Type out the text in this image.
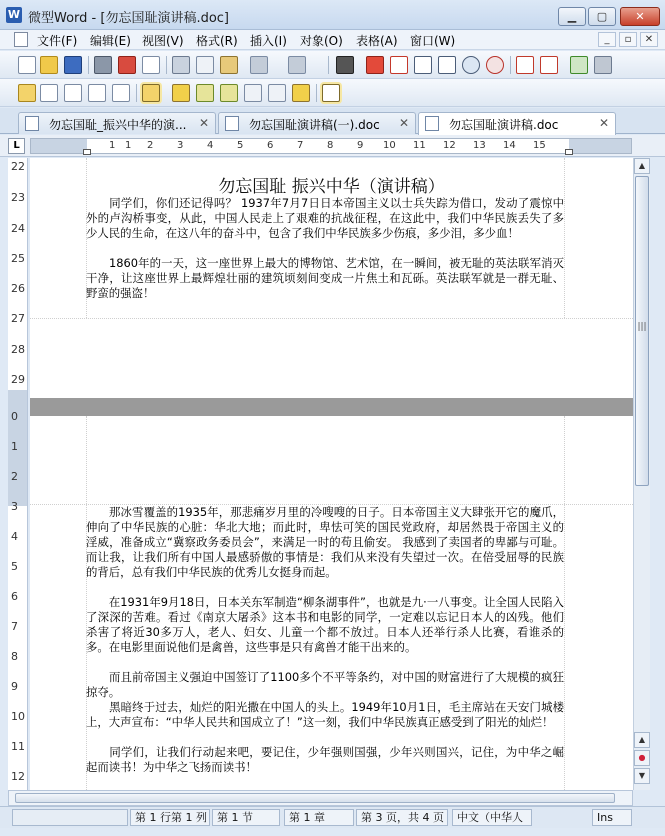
W 微型Word - [勿忘国耻演讲稿.doc]	▁	▢	✕
文件(F) 编辑(E) 视图(V) 格式(R) 插入(I) 对象(O) 表格(A) 窗口(W)	_	▫	✕
勿忘国耻_振兴中华的演... ✕	勿忘国耻演讲稿(一).doc ✕	勿忘国耻演讲稿.doc	✕
L	1 1 2 3 4 5 6 7 8 9 10 11 12 13 14 15
22
23
24
25
26
27
28
29
0
1
2
3
4
5
6
7
8
9
10
11
12
勿忘国耻 振兴中华（演讲稿）
　　同学们，你们还记得吗？ 1937年7月7日日本帝国主义以士兵失踪为借口，发动了震惊中外的卢沟桥事变，从此，中国人民走上了艰难的抗战征程，在这此中，我们中华民族丢失了多少人民的生命，在这八年的奋斗中，包含了我们中华民族多少伤痕，多少泪，多少血！
　　1860年的一天，这一座世界上最大的博物馆、艺术馆，在一瞬间，被无耻的英法联军消灭干净，让这座世界上最辉煌壮丽的建筑顷刻间变成一片焦土和瓦砾。英法联军就是一群无耻、野蛮的强盗！
　　那冰雪覆盖的1935年，那悲痛岁月里的冷嗖嗖的日子。日本帝国主义大肆张开它的魔爪，伸向了中华民族的心脏：华北大地；而此时，卑怯可笑的国民党政府，却居然畏于帝国主义的淫威，准备成立“冀察政务委员会”，来满足一时的苟且偷安。 我感到了卖国者的卑鄙与可耻。而让我，让我们所有中国人最感骄傲的事情是：我们从来没有失望过一次。在倍受屈辱的民族的背后，总有我们中华民族的优秀儿女挺身而起。
　　在1931年9月18日，日本关东军制造“柳条湖事件”，也就是九·一八事变。让全国人民陷入了深深的苦难。看过《南京大屠杀》这本书和电影的同学，一定难以忘记日本人的凶残。他们杀害了将近30多万人，老人、妇女、儿童一个都不放过。日本人还举行杀人比赛，看谁杀的多。在电影里面说他们是禽兽，这些事是只有禽兽才能干出来的。
　　而且前帝国主义强迫中国签订了1100多个不平等条约，对中国的财富进行了大规模的疯狂掠夺。
　　黑暗终于过去，灿烂的阳光撒在中国人的头上。1949年10月1日，毛主席站在天安门城楼上，大声宣布：“中华人民共和国成立了！”这一刻，我们中华民族真正感受到了阳光的灿烂！
　　同学们，让我们行动起来吧，要记住，少年强则国强，少年兴则国兴，记住，为中华之崛起而读书！为中华之飞扬而读书！
▲
|||
▲
●
▼
第 1 行第 1 列 第 1 节	第 1 章	第 3 页，共 4 页	中文（中华人	Ins
